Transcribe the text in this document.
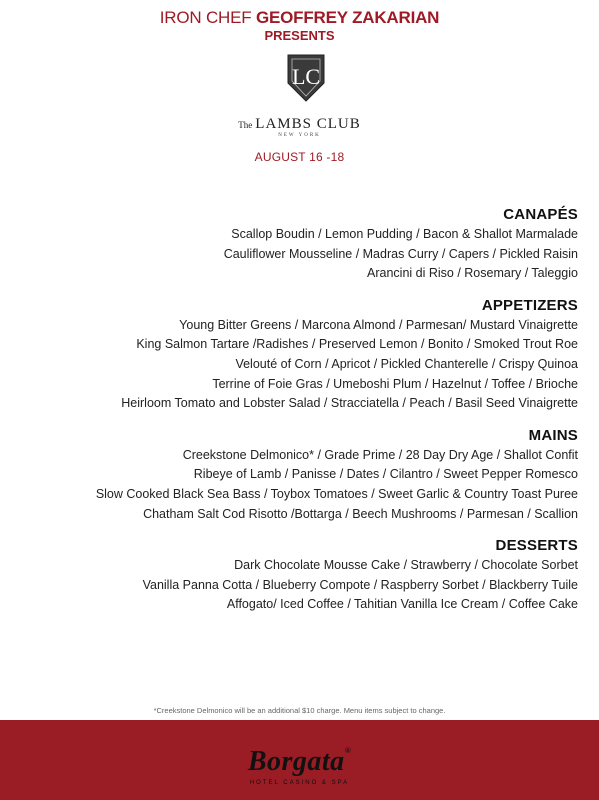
IRON CHEF GEOFFREY ZAKARIAN
PRESENTS
LC
The LAMBS CLUB
NEW YORK
AUGUST 16 -18
CANAPÉS
Scallop Boudin / Lemon Pudding / Bacon & Shallot Marmalade
Cauliflower Mousseline / Madras Curry / Capers / Pickled Raisin
Arancini di Riso / Rosemary / Taleggio
APPETIZERS
Young Bitter Greens / Marcona Almond / Parmesan/ Mustard Vinaigrette
King Salmon Tartare /Radishes / Preserved Lemon / Bonito / Smoked Trout Roe
Velouté of Corn / Apricot / Pickled Chanterelle / Crispy Quinoa
Terrine of Foie Gras / Umeboshi Plum / Hazelnut / Toffee / Brioche
Heirloom Tomato and Lobster Salad / Stracciatella / Peach / Basil Seed Vinaigrette
MAINS
Creekstone Delmonico* / Grade Prime / 28 Day Dry Age / Shallot Confit
Ribeye of Lamb / Panisse / Dates / Cilantro / Sweet Pepper Romesco
Slow Cooked Black Sea Bass / Toybox Tomatoes / Sweet Garlic & Country Toast Puree
Chatham Salt Cod Risotto /Bottarga / Beech Mushrooms / Parmesan / Scallion
DESSERTS
Dark Chocolate Mousse Cake / Strawberry / Chocolate Sorbet
Vanilla Panna Cotta / Blueberry Compote / Raspberry Sorbet / Blackberry Tuile
Affogato/ Iced Coffee / Tahitian Vanilla Ice Cream / Coffee Cake
*Creekstone Delmonico will be an additional $10 charge. Menu items subject to change.
Borgata®
HOTEL CASINO & SPA
